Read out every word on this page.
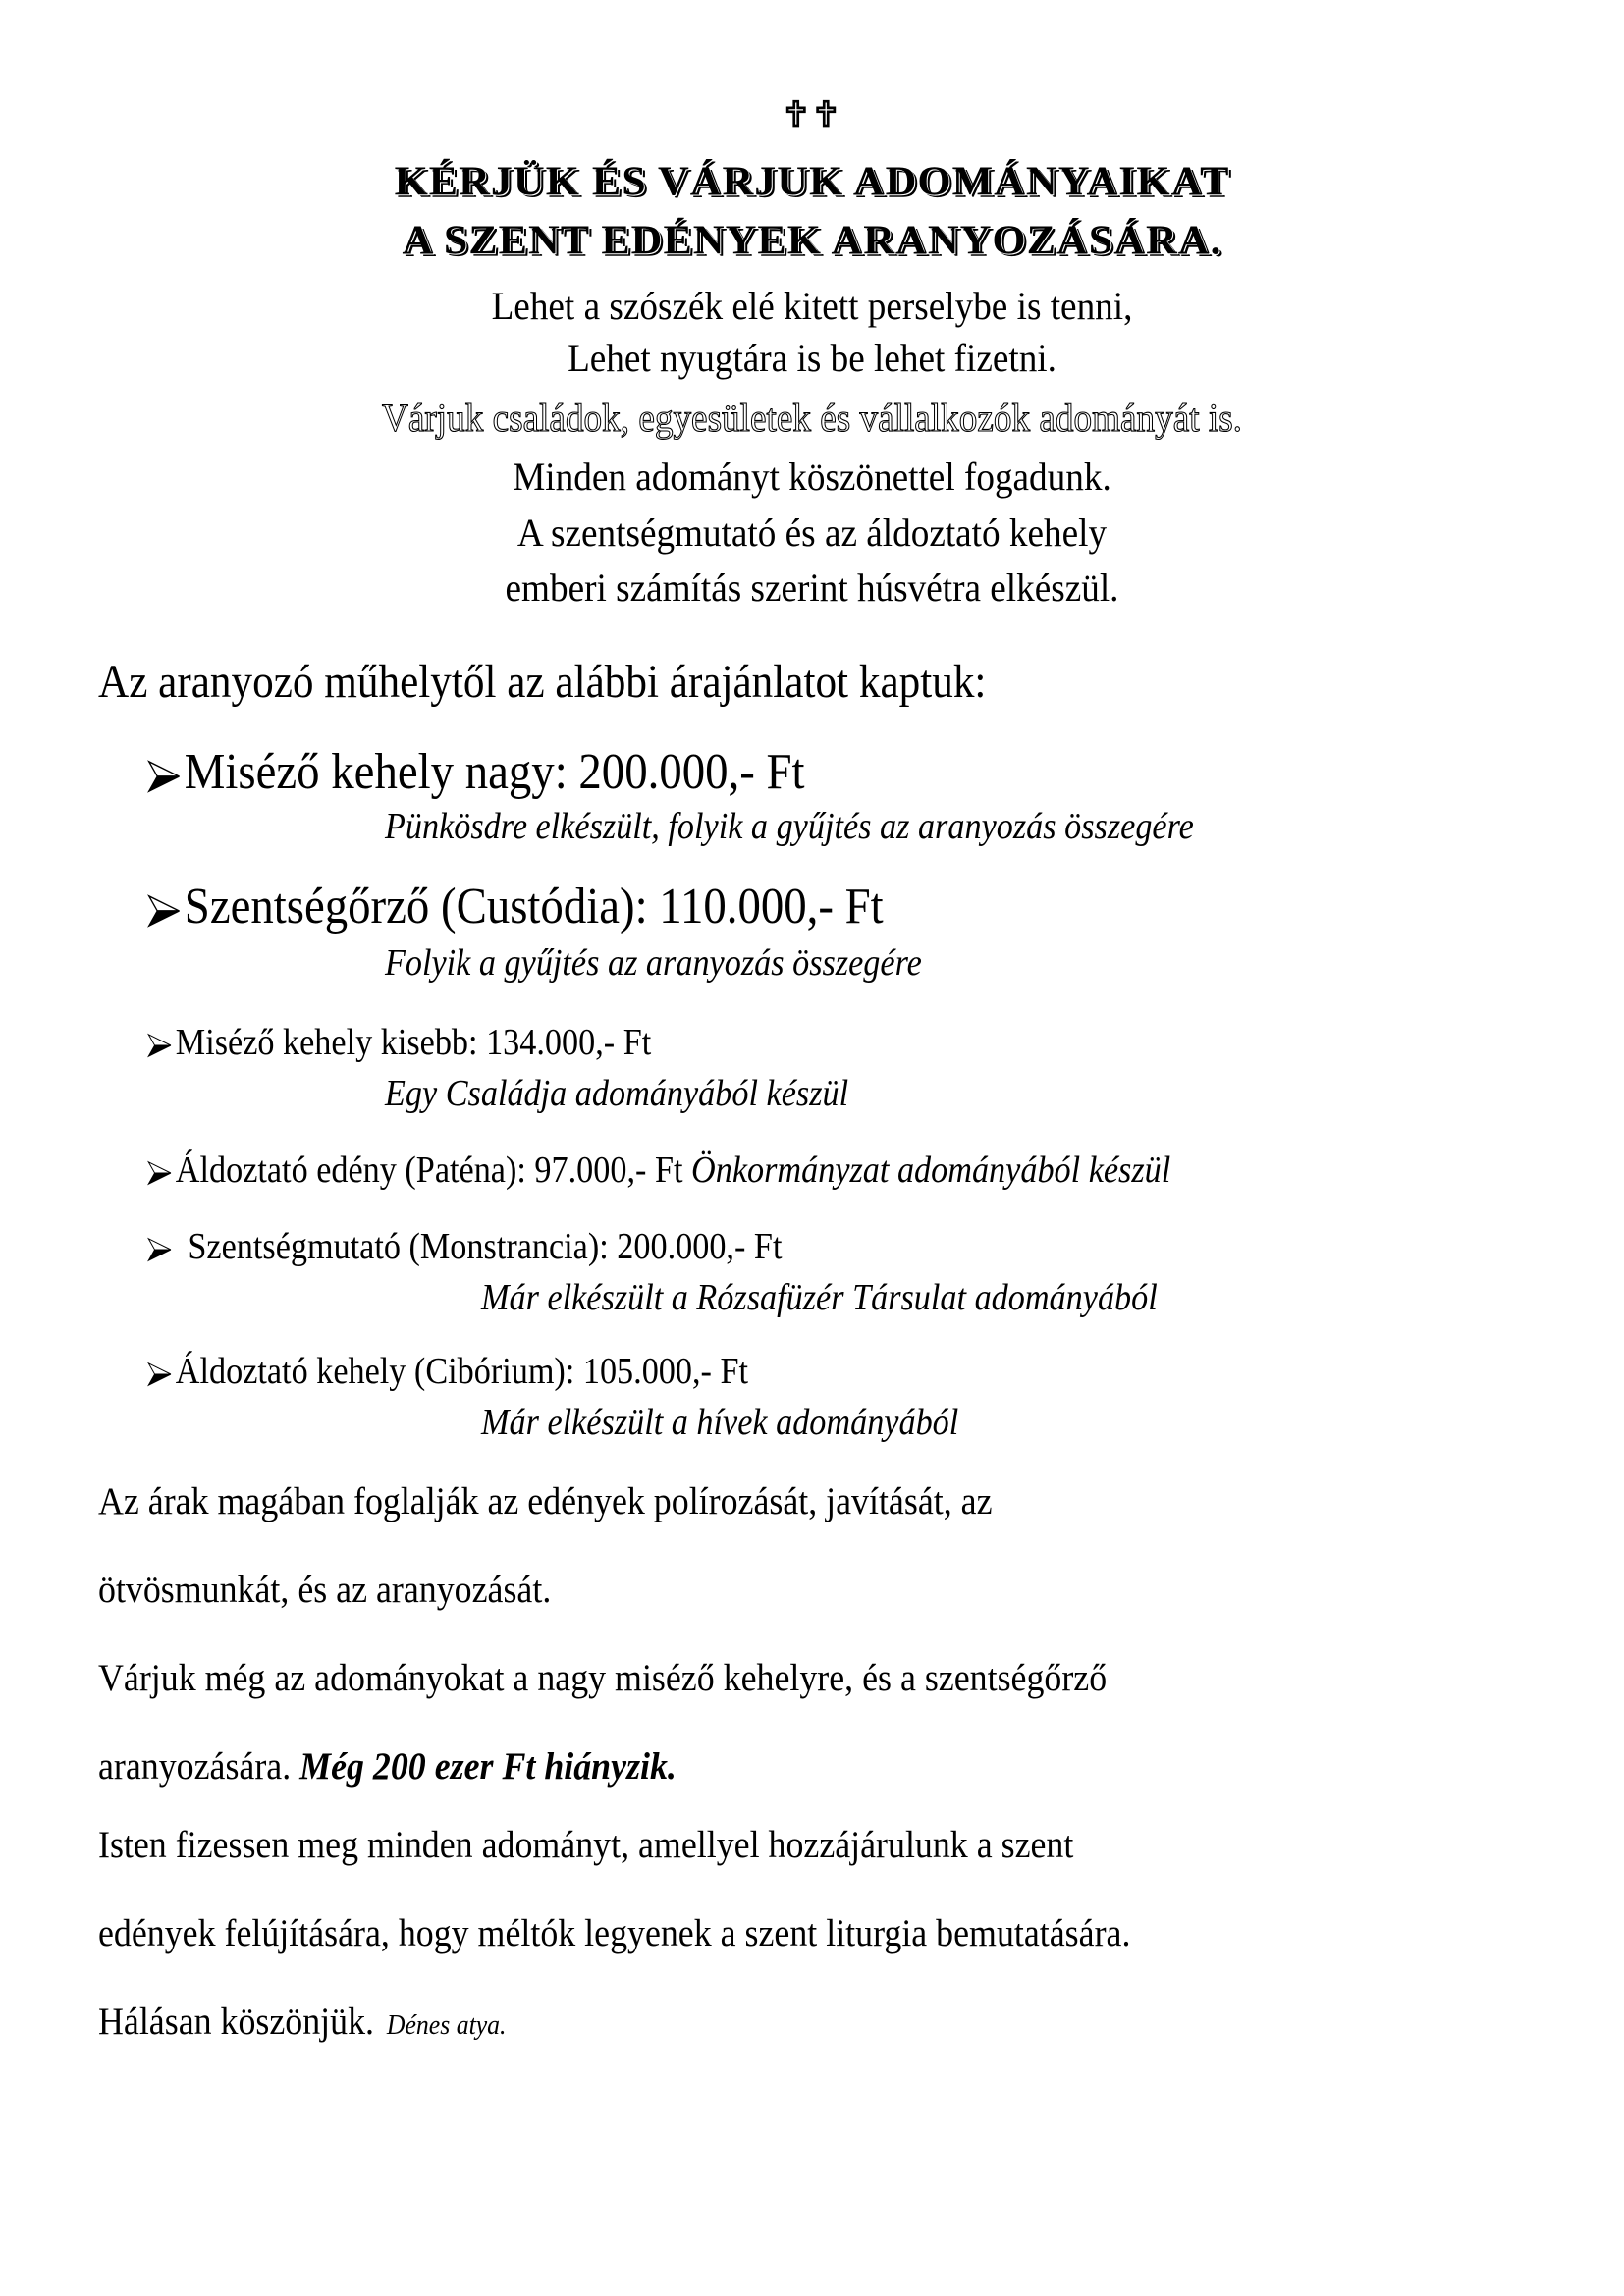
✝✝
KÉRJÜK ÉS VÁRJUK ADOMÁNYAIKAT
A SZENT EDÉNYEK ARANYOZÁSÁRA.
Lehet a szószék elé kitett perselybe is tenni,
Lehet nyugtára is be lehet fizetni.
Várjuk családok, egyesületek és vállalkozók adományát is.
Minden adományt köszönettel fogadunk.
A szentségmutató és az áldoztató kehely
emberi számítás szerint húsvétra elkészül.
Az aranyozó műhelytől az alábbi árajánlatot kaptuk:
Miséző kehely nagy: 200.000,- Ft
Pünkösdre elkészült, folyik a gyűjtés az aranyozás összegére
Szentségőrző (Custódia): 110.000,- Ft
Folyik a gyűjtés az aranyozás összegére
Miséző kehely kisebb: 134.000,- Ft
Egy Családja adományából készül
Áldoztató edény (Paténa): 97.000,- Ft Önkormányzat adományából készül
Szentségmutató (Monstrancia): 200.000,- Ft
Már elkészült a Rózsafüzér Társulat adományából
Áldoztató kehely (Cibórium): 105.000,- Ft
Már elkészült a hívek adományából
Az árak magában foglalják az edények polírozását, javítását, az
ötvösmunkát, és az aranyozását.
Várjuk még az adományokat a nagy miséző kehelyre, és a szentségőrző
aranyozására. Még 200 ezer Ft hiányzik.
Isten fizessen meg minden adományt, amellyel hozzájárulunk a szent
edények felújítására, hogy méltók legyenek a szent liturgia bemutatására.
Hálásan köszönjük. Dénes atya.
